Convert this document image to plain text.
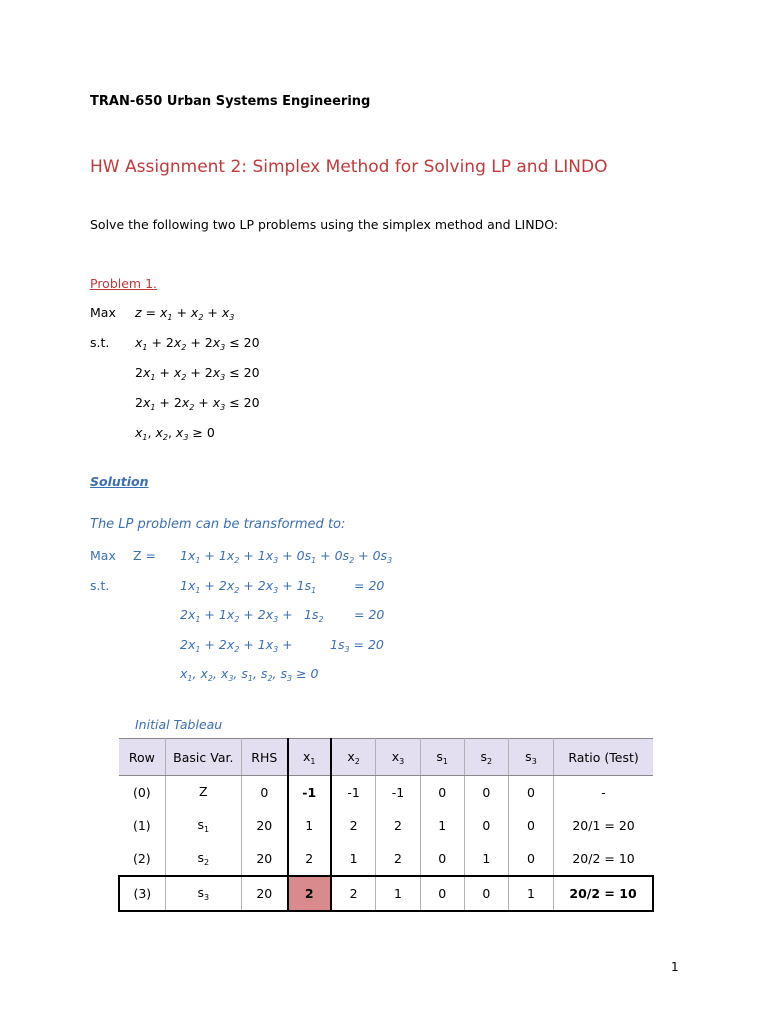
TRAN-650 Urban Systems Engineering
HW Assignment 2: Simplex Method for Solving LP and LINDO
Solve the following two LP problems using the simplex method and LINDO:
Problem 1.
Max $z = x_1 + x_2 + x_3$
s.t. $x_1 + 2x_2 + 2x_3 \le 20$
$2x_1 + x_2 + 2x_3 \le 20$
$2x_1 + 2x_2 + x_3 \le 20$
$x_1$, $x_2$, $x_3 \ge 0$
Solution
The LP problem can be transformed to:
Max $Z = 1x_1 + 1x_2 + 1x_3 + 0s_1 + 0s_2 + 0s_3$
s.t.	$1x_1 + 2x_2 + 2x_3 + 1s_1$	= 20
$2x_1 + 1x_2 + 2x_3 + 1s_2 = 20$
$2x_1 + 2x_2 + 1x_3$ +	$1s_3 = 20$
$x_1$, $x_2$, $x_3$, $s_1$, $s_2$, $s_3 \ge 0$
Initial Tableau
Row	Basic Var.	RHS	$x_1$	$x_2$	$x_3$	$s_1$	$s_2$	$s_3$	Ratio (Test)
(0)	Z	0	-1	-1	-1	0	0	0	-
(1)	$s_1$	20	1	2	2	1	0	0	20/1 = 20
(2)	$s_2$	20	2	1	2	0	1	0	20/2 = 10
(3)	$s_3$	20	2	2	1	0	0	1	20/2 = 10
1
